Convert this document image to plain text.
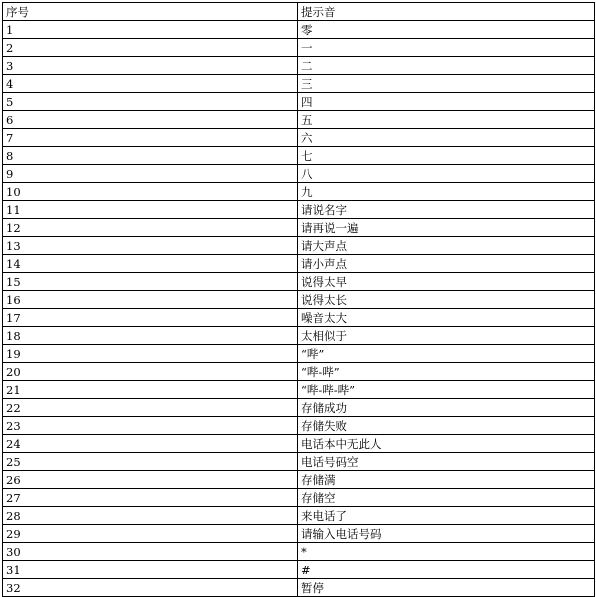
序号	提示音
1	零
2	一
3	二
4	三
5	四
6	五
7	六
8	七
9	八
10	九
11	请说名字
12	请再说一遍
13	请大声点
14	请小声点
15	说得太早
16	说得太长
17	噪音太大
18	太相似于
19	“哔”
20	“哔-哔”
21	“哔-哔-哔”
22	存储成功
23	存储失败
24	电话本中无此人
25	电话号码空
26	存储满
27	存储空
28	来电话了
29	请输入电话号码
30	*
31	#
32	暂停
